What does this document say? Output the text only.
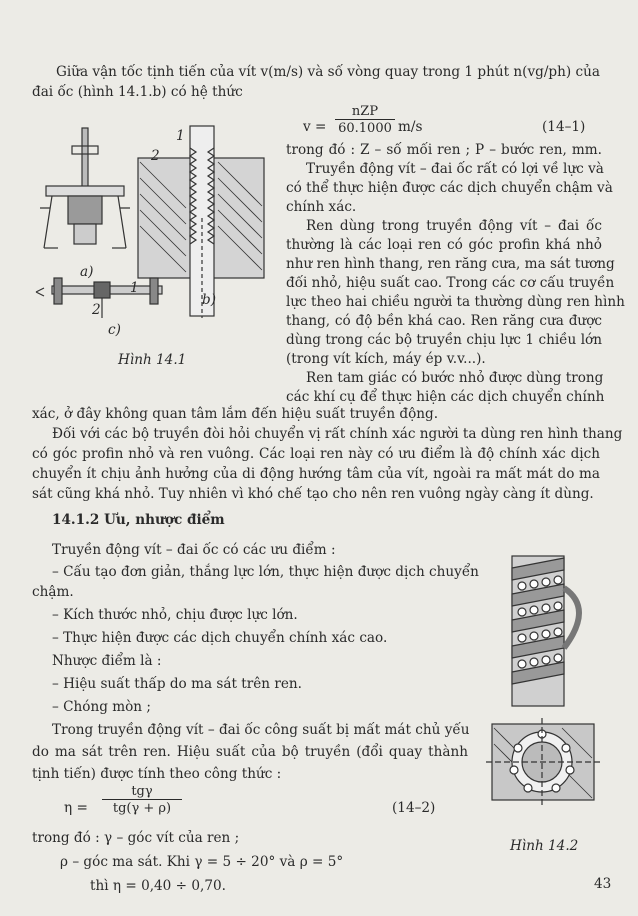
Giữa vận tốc tịnh tiến của vít v(m/s) và số vòng quay trong 1 phút n(vg/ph) của
đai ốc (hình 14.1.b) có hệ thức
v =
nZP
60.1000 m/s	(14–1)
trong đó : Z – số mối ren ; P – bước ren, mm.
Truyền động vít – đai ốc rất có lợi về lực và
có thể thực hiện được các dịch chuyển chậm và
chính xác.
Ren dùng trong truyền động vít – đai ốc
thường là các loại ren có góc profin khá nhỏ
như ren hình thang, ren răng cưa, ma sát tương
đối nhỏ, hiệu suất cao. Trong các cơ cấu truyền
lực theo hai chiều người ta thường dùng ren hình
thang, có độ bền khá cao. Ren răng cưa được
dùng trong các bộ truyền chịu lực 1 chiều lớn
(trong vít kích, máy ép v.v...).
Ren tam giác có bước nhỏ được dùng trong
các khí cụ để thực hiện các dịch chuyển chính
a)
b)
c)
1
2
1
2
Hình 14.1
xác, ở đây không quan tâm lắm đến hiệu suất truyền động.
Đối với các bộ truyền đòi hỏi chuyển vị rất chính xác người ta dùng ren hình thang
có góc profin nhỏ và ren vuông. Các loại ren này có ưu điểm là độ chính xác dịch
chuyển ít chịu ảnh hưởng của di động hướng tâm của vít, ngoài ra mất mát do ma
sát cũng khá nhỏ. Tuy nhiên vì khó chế tạo cho nên ren vuông ngày càng ít dùng.
14.1.2 Ưu, nhược điểm
Truyền động vít – đai ốc có các ưu điểm :
– Cấu tạo đơn giản, thắng lực lớn, thực hiện được dịch chuyển
chậm.
– Kích thước nhỏ, chịu được lực lớn.
– Thực hiện được các dịch chuyển chính xác cao.
Nhược điểm là :
– Hiệu suất thấp do ma sát trên ren.
– Chóng mòn ;
Trong truyền động vít – đai ốc công suất bị mất mát chủ yếu
do ma sát trên ren. Hiệu suất của bộ truyền (đổi quay thành
tịnh tiến) được tính theo công thức :
η =
tgγ
tg(γ + ρ)	(14–2)
trong đó : γ – góc vít của ren ;
ρ – góc ma sát. Khi γ = 5 ÷ 20° và ρ = 5°
thì η = 0,40 ÷ 0,70.
Hình 14.2
43
